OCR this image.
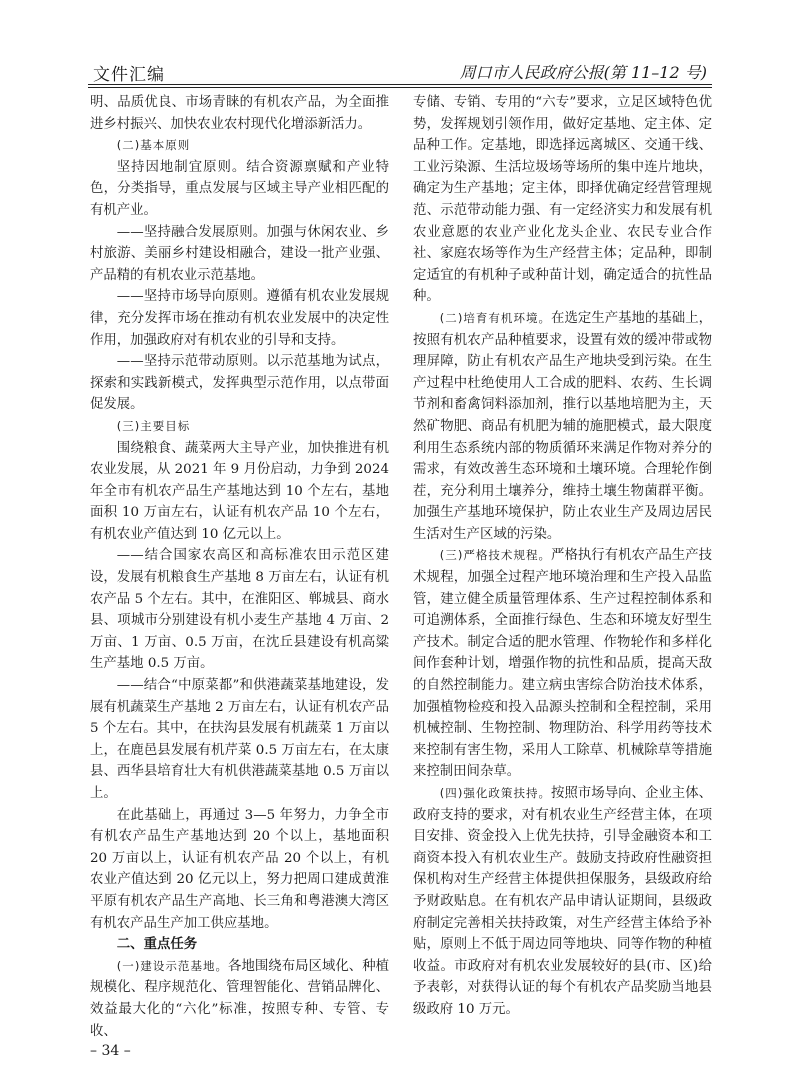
文件汇编	周口市人民政府公报(第 11–12 号)

明、品质优良、市场青睐的有机农产品，为全面推进乡村振兴、加快农业农村现代化增添新活力。

(二)基本原则

坚持因地制宜原则。结合资源禀赋和产业特色，分类指导，重点发展与区域主导产业相匹配的有机产业。

——坚持融合发展原则。加强与休闲农业、乡村旅游、美丽乡村建设相融合，建设一批产业强、产品精的有机农业示范基地。

——坚持市场导向原则。遵循有机农业发展规律，充分发挥市场在推动有机农业发展中的决定性作用，加强政府对有机农业的引导和支持。

——坚持示范带动原则。以示范基地为试点，探索和实践新模式，发挥典型示范作用，以点带面促发展。

(三)主要目标

围绕粮食、蔬菜两大主导产业，加快推进有机农业发展，从 2021 年 9 月份启动，力争到 2024 年全市有机农产品生产基地达到 10 个左右，基地面积 10 万亩左右，认证有机农产品 10 个左右，有机农业产值达到 10 亿元以上。

——结合国家农高区和高标准农田示范区建设，发展有机粮食生产基地 8 万亩左右，认证有机农产品 5 个左右。其中，在淮阳区、郸城县、商水县、项城市分别建设有机小麦生产基地 4 万亩、2 万亩、1 万亩、0.5 万亩，在沈丘县建设有机高粱生产基地 0.5 万亩。

——结合“中原菜都”和供港蔬菜基地建设，发展有机蔬菜生产基地 2 万亩左右，认证有机农产品 5 个左右。其中，在扶沟县发展有机蔬菜 1 万亩以上，在鹿邑县发展有机芹菜 0.5 万亩左右，在太康县、西华县培育壮大有机供港蔬菜基地 0.5 万亩以上。

在此基础上，再通过 3—5 年努力，力争全市有机农产品生产基地达到 20 个以上，基地面积 20 万亩以上，认证有机农产品 20 个以上，有机农业产值达到 20 亿元以上，努力把周口建成黄淮平原有机农产品生产高地、长三角和粤港澳大湾区有机农产品生产加工供应基地。

二、重点任务

(一)建设示范基地。各地围绕布局区域化、种植规模化、程序规范化、管理智能化、营销品牌化、效益最大化的“六化”标准，按照专种、专管、专收、

专储、专销、专用的“六专”要求，立足区域特色优势，发挥规划引领作用，做好定基地、定主体、定品种工作。定基地，即选择远离城区、交通干线、工业污染源、生活垃圾场等场所的集中连片地块，确定为生产基地；定主体，即择优确定经营管理规范、示范带动能力强、有一定经济实力和发展有机农业意愿的农业产业化龙头企业、农民专业合作社、家庭农场等作为生产经营主体；定品种，即制定适宜的有机种子或种苗计划，确定适合的抗性品种。

(二)培育有机环境。在选定生产基地的基础上，按照有机农产品种植要求，设置有效的缓冲带或物理屏障，防止有机农产品生产地块受到污染。在生产过程中杜绝使用人工合成的肥料、农药、生长调节剂和畜禽饲料添加剂，推行以基地培肥为主，天然矿物肥、商品有机肥为辅的施肥模式，最大限度利用生态系统内部的物质循环来满足作物对养分的需求，有效改善生态环境和土壤环境。合理轮作倒茬，充分利用土壤养分，维持土壤生物菌群平衡。加强生产基地环境保护，防止农业生产及周边居民生活对生产区域的污染。

(三)严格技术规程。严格执行有机农产品生产技术规程，加强全过程产地环境治理和生产投入品监管，建立健全质量管理体系、生产过程控制体系和可追溯体系，全面推行绿色、生态和环境友好型生产技术。制定合适的肥水管理、作物轮作和多样化间作套种计划，增强作物的抗性和品质，提高天敌的自然控制能力。建立病虫害综合防治技术体系，加强植物检疫和投入品源头控制和全程控制，采用机械控制、生物控制、物理防治、科学用药等技术来控制有害生物，采用人工除草、机械除草等措施来控制田间杂草。

(四)强化政策扶持。按照市场导向、企业主体、政府支持的要求，对有机农业生产经营主体，在项目安排、资金投入上优先扶持，引导金融资本和工商资本投入有机农业生产。鼓励支持政府性融资担保机构对生产经营主体提供担保服务，县级政府给予财政贴息。在有机农产品申请认证期间，县级政府制定完善相关扶持政策，对生产经营主体给予补贴，原则上不低于周边同等地块、同等作物的种植收益。市政府对有机农业发展较好的县(市、区)给予表彰，对获得认证的每个有机农产品奖励当地县级政府 10 万元。

– 34 –
